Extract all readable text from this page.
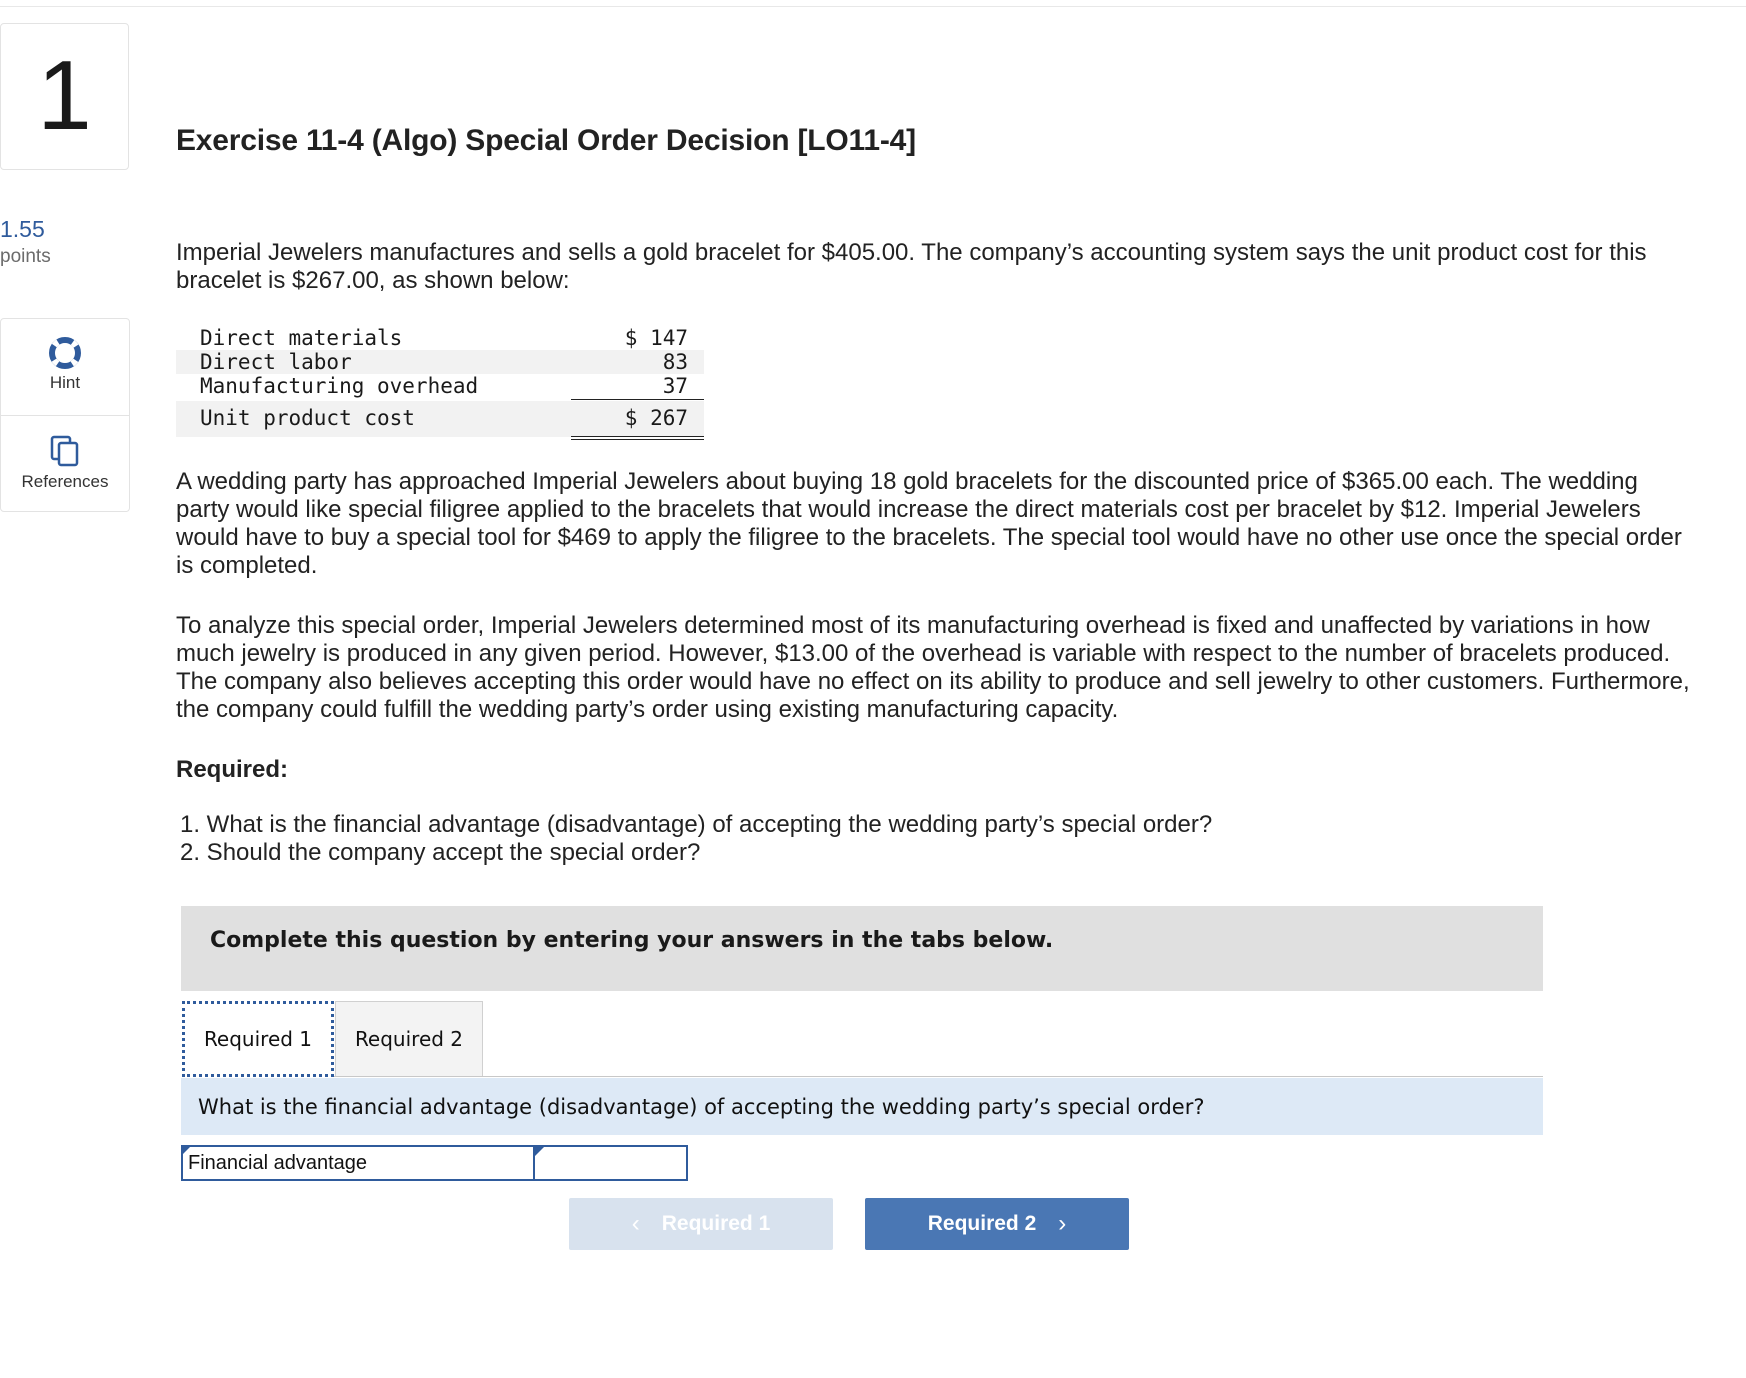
1
1.55
points
Hint
References
Exercise 11-4 (Algo) Special Order Decision [LO11-4]
Imperial Jewelers manufactures and sells a gold bracelet for $405.00. The company’s accounting system says the unit product cost for this bracelet is $267.00, as shown below:
Direct materials	$ 147
Direct labor	83
Manufacturing overhead	37
Unit product cost	$ 267
A wedding party has approached Imperial Jewelers about buying 18 gold bracelets for the discounted price of $365.00 each. The wedding party would like special filigree applied to the bracelets that would increase the direct materials cost per bracelet by $12. Imperial Jewelers would have to buy a special tool for $469 to apply the filigree to the bracelets. The special tool would have no other use once the special order is completed.
To analyze this special order, Imperial Jewelers determined most of its manufacturing overhead is fixed and unaffected by variations in how much jewelry is produced in any given period. However, $13.00 of the overhead is variable with respect to the number of bracelets produced. The company also believes accepting this order would have no effect on its ability to produce and sell jewelry to other customers. Furthermore, the company could fulfill the wedding party’s order using existing manufacturing capacity.
Required:
1. What is the financial advantage (disadvantage) of accepting the wedding party’s special order?
2. Should the company accept the special order?
Complete this question by entering your answers in the tabs below.
Required 1	Required 2
What is the financial advantage (disadvantage) of accepting the wedding party’s special order?
Financial advantage
‹ Required 1	Required 2 ›
